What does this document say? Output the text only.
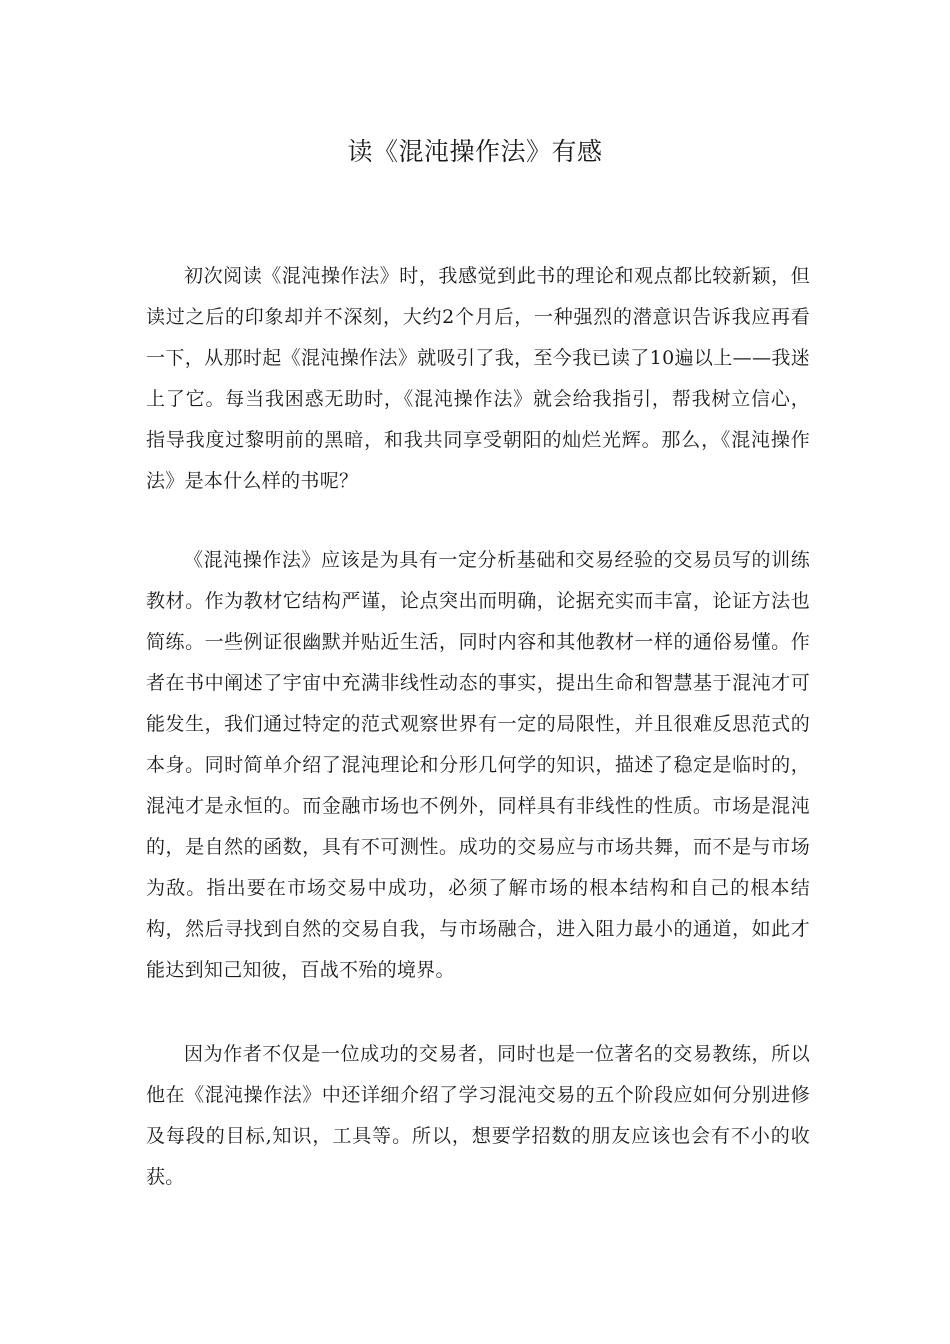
读《混沌操作法》有感

初次阅读《混沌操作法》时，我感觉到此书的理论和观点都比较新颖，但读过之后的印象却并不深刻，大约2个月后，一种强烈的潜意识告诉我应再看一下，从那时起《混沌操作法》就吸引了我，至今我已读了10遍以上——我迷上了它。每当我困惑无助时，《混沌操作法》就会给我指引，帮我树立信心，指导我度过黎明前的黑暗，和我共同享受朝阳的灿烂光辉。那么，《混沌操作法》是本什么样的书呢？

《混沌操作法》应该是为具有一定分析基础和交易经验的交易员写的训练教材。作为教材它结构严谨，论点突出而明确，论据充实而丰富，论证方法也简练。一些例证很幽默并贴近生活，同时内容和其他教材一样的通俗易懂。作者在书中阐述了宇宙中充满非线性动态的事实，提出生命和智慧基于混沌才可能发生，我们通过特定的范式观察世界有一定的局限性，并且很难反思范式的本身。同时简单介绍了混沌理论和分形几何学的知识，描述了稳定是临时的，混沌才是永恒的。而金融市场也不例外，同样具有非线性的性质。市场是混沌的，是自然的函数，具有不可测性。成功的交易应与市场共舞，而不是与市场为敌。指出要在市场交易中成功，必须了解市场的根本结构和自己的根本结构，然后寻找到自然的交易自我，与市场融合，进入阻力最小的通道，如此才能达到知己知彼，百战不殆的境界。

因为作者不仅是一位成功的交易者，同时也是一位著名的交易教练，所以他在《混沌操作法》中还详细介绍了学习混沌交易的五个阶段应如何分别进修及每段的目标,知识，工具等。所以，想要学招数的朋友应该也会有不小的收获。
